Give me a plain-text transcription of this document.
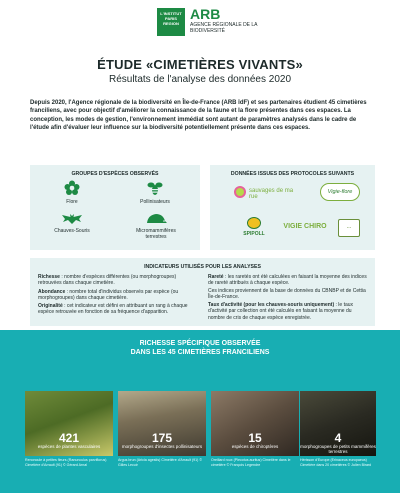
L'INSTITUT PARIS REGION
ARB
AGENCE RÉGIONALE DE LA BIODIVERSITÉ
ÉTUDE «CIMETIÈRES VIVANTS»
Résultats de l'analyse des données 2020
Depuis 2020, l'Agence régionale de la biodiversité en Île-de-France (ARB îdF) et ses partenaires étudient 45 cimetières franciliens, avec pour objectif d'améliorer la connaissance de la faune et la flore présentes dans ces espaces. La conception, les modes de gestion, l'environnement immédiat sont autant de paramètres analysés dans le cadre de l'étude afin d'évaluer leur influence sur la biodiversité potentiellement présente dans ces espaces.
GROUPES D'ESPÈCES OBSERVÉS
Flore	Pollinisateurs
Chauves-Souris	Micromammifères terrestres
DONNÉES ISSUES DES PROTOCOLES SUIVANTS
sauvages de ma rue
Vigie-flore
SPIPOLL
VIGIE CHIRO	...
INDICATEURS UTILISÉS POUR LES ANALYSES

Richesse : nombre d'espèces différentes (ou morphogroupes) retrouvées dans chaque cimetière.

Abondance : nombre total d'individus observés par espèce (ou morphogroupes) dans chaque cimetière.

Originalité : cet indicateur est défini en attribuant un rang à chaque espèce retrouvée en fonction de sa fréquence d'apparition.

Rareté : les raretés ont été calculées en faisant la moyenne des indices de rareté attribués à chaque espèce.

Ces indices proviennent de la base de données du CBNBP et de Cettia Île-de-France.

Taux d'activité (pour les chauves-souris uniquement) : le taux d'activité par collection ont été calculés en faisant la moyenne du nombre de cris de chaque espèce enregistrée.

RICHESSE SPÉCIFIQUE OBSERVÉE
DANS LES 45 CIMETIÈRES FRANCILIENS
421
espèces de plantes vasculaires
Renoncule à petites fleurs (Ranunculus parviflorus) Cimetière d'Arrault (91) © Gérard Arnal
175
morphogroupes d'insectes pollinisateurs
Argus brun (Aricia agestis) Cimetière d'Arrault (91) © Gilles Lecuir
15
espèces de chiroptères
Oreillard roux (Plecotus auritus) Cimetière dans le cimetière © François Legendre
4
morphogroupes de petits mammifères terrestres
Hérisson d'Europe (Erinaceus europaeus) Cimetière dans 20 cimetières © Julien Birard
